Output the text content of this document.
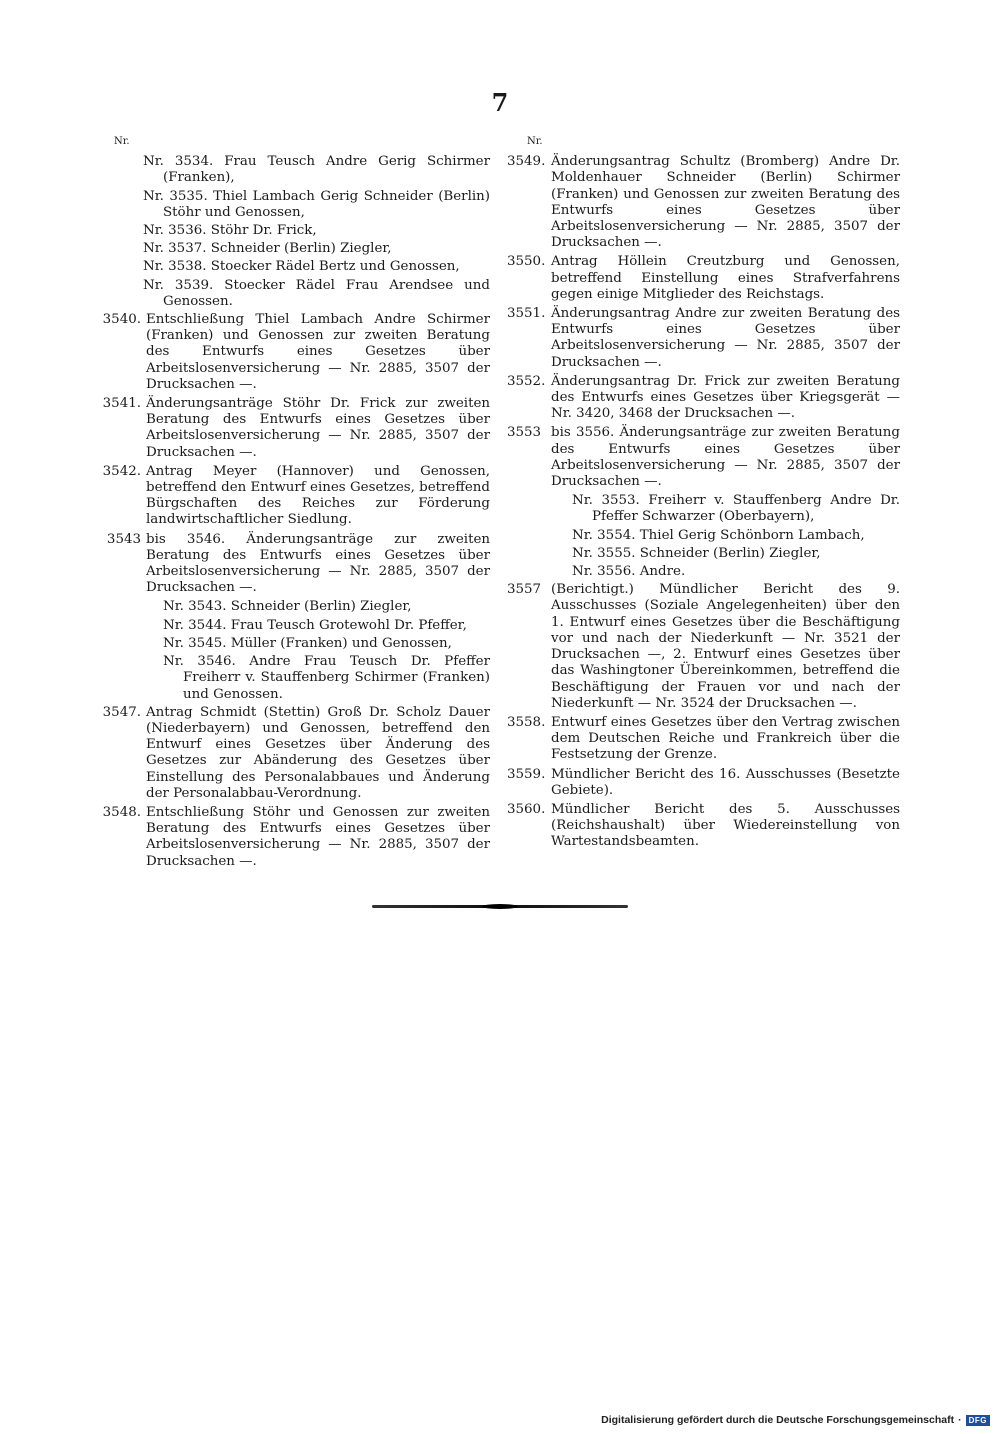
7
Nr.
Nr. 3534. Frau Teusch Andre Gerig Schirmer (Franken),
Nr. 3535. Thiel Lambach Gerig Schneider (Berlin) Stöhr und Genossen,
Nr. 3536. Stöhr Dr. Frick,
Nr. 3537. Schneider (Berlin) Ziegler,
Nr. 3538. Stoecker Rädel Bertz und Genossen,
Nr. 3539. Stoecker Rädel Frau Arendsee und Genossen.
3540. Entschließung Thiel Lambach Andre Schirmer (Franken) und Genossen zur zweiten Beratung des Entwurfs eines Gesetzes über Arbeitslosenversicherung — Nr. 2885, 3507 der Drucksachen —.
3541. Änderungsanträge Stöhr Dr. Frick zur zweiten Beratung des Entwurfs eines Gesetzes über Arbeitslosenversicherung — Nr. 2885, 3507 der Drucksachen —.
3542. Antrag Meyer (Hannover) und Genossen, betreffend den Entwurf eines Gesetzes, betreffend Bürgschaften des Reiches zur Förderung landwirtschaftlicher Siedlung.
3543 bis 3546. Änderungsanträge zur zweiten Beratung des Entwurfs eines Gesetzes über Arbeitslosenversicherung — Nr. 2885, 3507 der Drucksachen —.
Nr. 3543. Schneider (Berlin) Ziegler,
Nr. 3544. Frau Teusch Grotewohl Dr. Pfeffer,
Nr. 3545. Müller (Franken) und Genossen,
Nr. 3546. Andre Frau Teusch Dr. Pfeffer Freiherr v. Stauffenberg Schirmer (Franken) und Genossen.
3547. Antrag Schmidt (Stettin) Groß Dr. Scholz Dauer (Niederbayern) und Genossen, betreffend den Entwurf eines Gesetzes über Änderung des Gesetzes zur Abänderung des Gesetzes über Einstellung des Personalabbaues und Änderung der Personalabbau-Verordnung.
3548. Entschließung Stöhr und Genossen zur zweiten Beratung des Entwurfs eines Gesetzes über Arbeitslosenversicherung — Nr. 2885, 3507 der Drucksachen —.
Nr.
3549. Änderungsantrag Schultz (Bromberg) Andre Dr. Moldenhauer Schneider (Berlin) Schirmer (Franken) und Genossen zur zweiten Beratung des Entwurfs eines Gesetzes über Arbeitslosenversicherung — Nr. 2885, 3507 der Drucksachen —.
3550. Antrag Höllein Creutzburg und Genossen, betreffend Einstellung eines Strafverfahrens gegen einige Mitglieder des Reichstags.
3551. Änderungsantrag Andre zur zweiten Beratung des Entwurfs eines Gesetzes über Arbeitslosenversicherung — Nr. 2885, 3507 der Drucksachen —.
3552. Änderungsantrag Dr. Frick zur zweiten Beratung des Entwurfs eines Gesetzes über Kriegsgerät — Nr. 3420, 3468 der Drucksachen —.
3553 bis 3556. Änderungsanträge zur zweiten Beratung des Entwurfs eines Gesetzes über Arbeitslosenversicherung — Nr. 2885, 3507 der Drucksachen —.
Nr. 3553. Freiherr v. Stauffenberg Andre Dr. Pfeffer Schwarzer (Oberbayern),
Nr. 3554. Thiel Gerig Schönborn Lambach,
Nr. 3555. Schneider (Berlin) Ziegler,
Nr. 3556. Andre.
3557 (Berichtigt.) Mündlicher Bericht des 9. Ausschusses (Soziale Angelegenheiten) über den 1. Entwurf eines Gesetzes über die Beschäftigung vor und nach der Niederkunft — Nr. 3521 der Drucksachen —, 2. Entwurf eines Gesetzes über das Washingtoner Übereinkommen, betreffend die Beschäftigung der Frauen vor und nach der Niederkunft — Nr. 3524 der Drucksachen —.
3558. Entwurf eines Gesetzes über den Vertrag zwischen dem Deutschen Reiche und Frankreich über die Festsetzung der Grenze.
3559. Mündlicher Bericht des 16. Ausschusses (Besetzte Gebiete).
3560. Mündlicher Bericht des 5. Ausschusses (Reichshaushalt) über Wiedereinstellung von Wartestandsbeamten.
Digitalisierung gefördert durch die Deutsche Forschungsgemeinschaft · DFG
